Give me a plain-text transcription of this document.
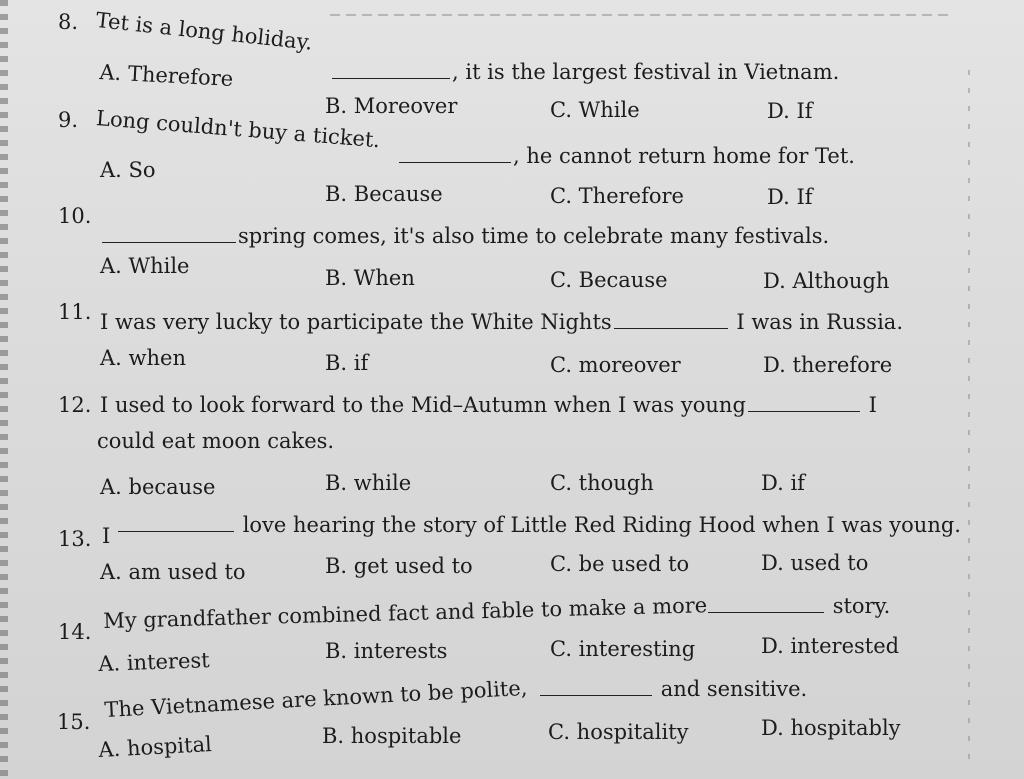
8. Tet is a long holiday.
, it is the largest festival in Vietnam.
A. Therefore
B. Moreover	C. While	D. If
9. Long couldn't buy a ticket.
, he cannot return home for Tet.
A. So
B. Because	C. Therefore	D. If
10.
spring comes, it's also time to celebrate many festivals.
A. While	B. When	C. Because	D. Although
11. I was very lucky to participate the White Nights	I was in Russia.
A. when	B. if	C. moreover	D. therefore
12. I used to look forward to the Mid–Autumn when I was young	I
could eat moon cakes.
A. because	B. while	C. though	D. if
13. I	love hearing the story of Little Red Riding Hood when I was young.
A. am used to	B. get used to	C. be used to	D. used to
14. My grandfather combined fact and fable to make a more	story.
A. interest	B. interests	C. interesting	D. interested
15.
The Vietnamese are known to be polite,	and sensitive.
A. hospital	B. hospitable	C. hospitality	D. hospitably
